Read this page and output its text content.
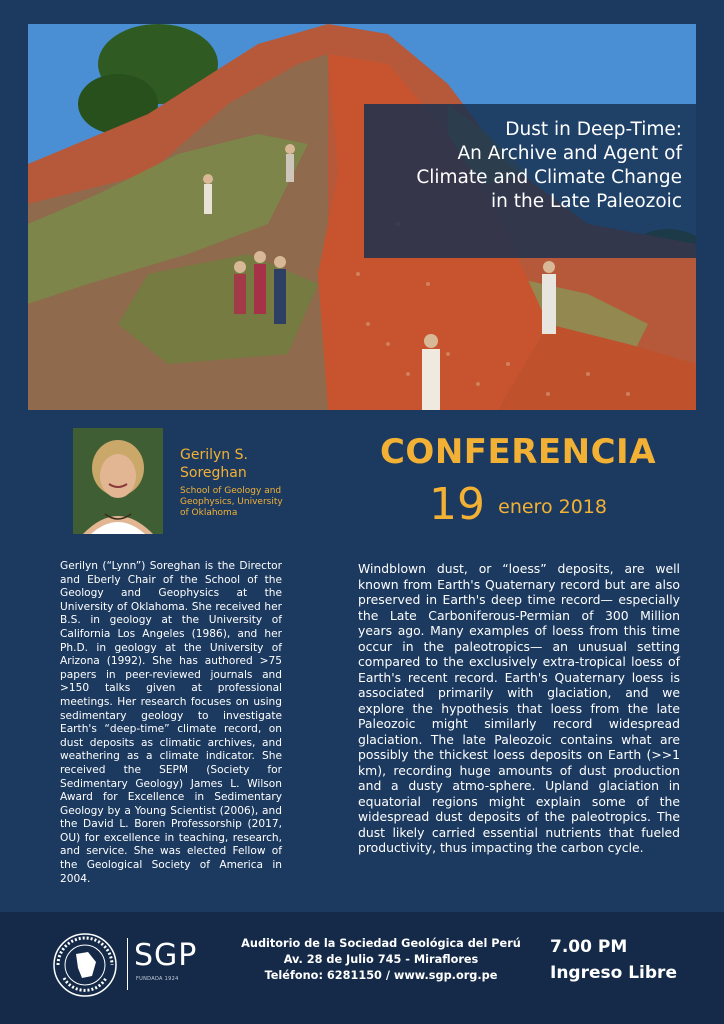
Dust in Deep-Time:
An Archive and Agent of
Climate and Climate Change
in the Late Paleozoic
Gerilyn S.
Soreghan
School of Geology and
Geophysics, University
of Oklahoma
CONFERENCIA
19 enero 2018

Gerilyn (“Lynn”) Soreghan is the Director and Eberly Chair of the School of the Geology and Geophysics at the University of Oklahoma. She received her B.S. in geology at the University of California Los Angeles (1986), and her Ph.D. in geology at the University of Arizona (1992). She has authored >75 papers in peer-reviewed journals and >150 talks given at professional meetings. Her research focuses on using sedimentary geology to investigate Earth's “deep-time” climate record, on dust deposits as climatic archives, and weathering as a climate indicator. She received the SEPM (Society for Sedimentary Geology) James L. Wilson Award for Excellence in Sedimentary Geology by a Young Scientist (2006), and the David L. Boren Professorship (2017, OU) for excellence in teaching, research, and service. She was elected Fellow of the Geological Society of America in 2004.

Windblown dust, or “loess” deposits, are well known from Earth's Quaternary record but are also preserved in Earth's deep time record— especially the Late Carboniferous-Permian of 300 Million years ago. Many examples of loess from this time occur in the paleotropics— an unusual setting compared to the exclusively extra-tropical loess of Earth's recent record. Earth's Quaternary loess is associated primarily with glaciation, and we explore the hypothesis that loess from the late Paleozoic might similarly record widespread glaciation. The late Paleozoic contains what are possibly the thickest loess deposits on Earth (>>1 km), recording huge amounts of dust production and a dusty atmo-sphere. Upland glaciation in equatorial regions might explain some of the widespread dust deposits of the paleotropics. The dust likely carried essential nutrients that fueled productivity, thus impacting the carbon cycle.

SGP
FUNDADA 1924
Auditorio de la Sociedad Geológica del Perú
Av. 28 de Julio 745 - Miraflores
Teléfono: 6281150 / www.sgp.org.pe
7.00 PM
Ingreso Libre
